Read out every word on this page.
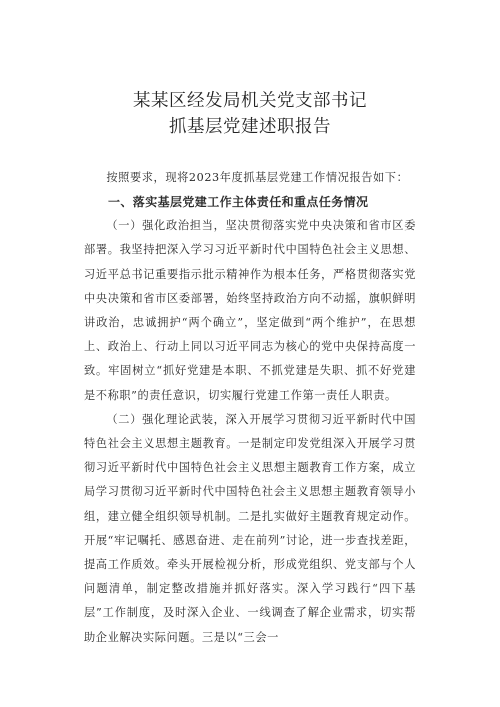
某某区经发局机关党支部书记
抓基层党建述职报告

按照要求，现将2023年度抓基层党建工作情况报告如下：

一、落实基层党建工作主体责任和重点任务情况

（一）强化政治担当，坚决贯彻落实党中央决策和省市区委部署。我坚持把深入学习习近平新时代中国特色社会主义思想、习近平总书记重要指示批示精神作为根本任务，严格贯彻落实党中央决策和省市区委部署，始终坚持政治方向不动摇，旗帜鲜明讲政治，忠诚拥护“两个确立”，坚定做到“两个维护”，在思想上、政治上、行动上同以习近平同志为核心的党中央保持高度一致。牢固树立“抓好党建是本职、不抓党建是失职、抓不好党建是不称职”的责任意识，切实履行党建工作第一责任人职责。

（二）强化理论武装，深入开展学习贯彻习近平新时代中国特色社会主义思想主题教育。一是制定印发党组深入开展学习贯彻习近平新时代中国特色社会主义思想主题教育工作方案，成立局学习贯彻习近平新时代中国特色社会主义思想主题教育领导小组，建立健全组织领导机制。二是扎实做好主题教育规定动作。开展“牢记嘱托、感恩奋进、走在前列”讨论，进一步查找差距，提高工作质效。牵头开展检视分析，形成党组织、党支部与个人问题清单，制定整改措施并抓好落实。深入学习践行“四下基层”工作制度，及时深入企业、一线调查了解企业需求，切实帮助企业解决实际问题。三是以“三会一
